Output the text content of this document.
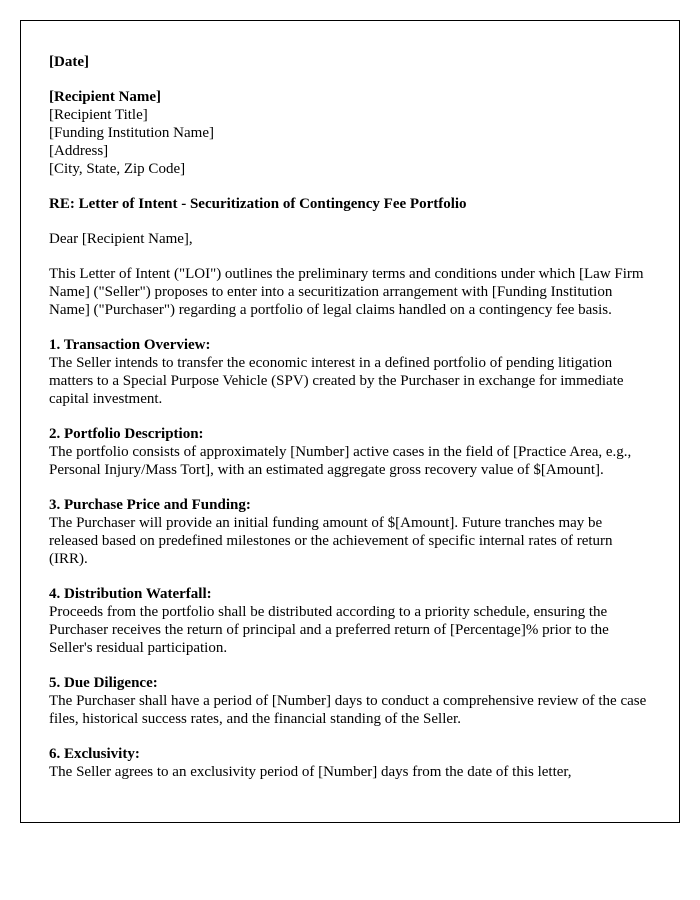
[Date]

[Recipient Name]

[Recipient Title]

[Funding Institution Name]

[Address]

[City, State, Zip Code]

RE: Letter of Intent - Securitization of Contingency Fee Portfolio

Dear [Recipient Name],

This Letter of Intent ("LOI") outlines the preliminary terms and conditions under which [Law Firm Name] ("Seller") proposes to enter into a securitization arrangement with [Funding Institution Name] ("Purchaser") regarding a portfolio of legal claims handled on a contingency fee basis.

1. Transaction Overview:

The Seller intends to transfer the economic interest in a defined portfolio of pending litigation matters to a Special Purpose Vehicle (SPV) created by the Purchaser in exchange for immediate capital investment.

2. Portfolio Description:

The portfolio consists of approximately [Number] active cases in the field of [Practice Area, e.g., Personal Injury/Mass Tort], with an estimated aggregate gross recovery value of $[Amount].

3. Purchase Price and Funding:

The Purchaser will provide an initial funding amount of $[Amount]. Future tranches may be released based on predefined milestones or the achievement of specific internal rates of return (IRR).

4. Distribution Waterfall:

Proceeds from the portfolio shall be distributed according to a priority schedule, ensuring the Purchaser receives the return of principal and a preferred return of [Percentage]% prior to the Seller's residual participation.

5. Due Diligence:

The Purchaser shall have a period of [Number] days to conduct a comprehensive review of the case files, historical success rates, and the financial standing of the Seller.

6. Exclusivity:

The Seller agrees to an exclusivity period of [Number] days from the date of this letter,
